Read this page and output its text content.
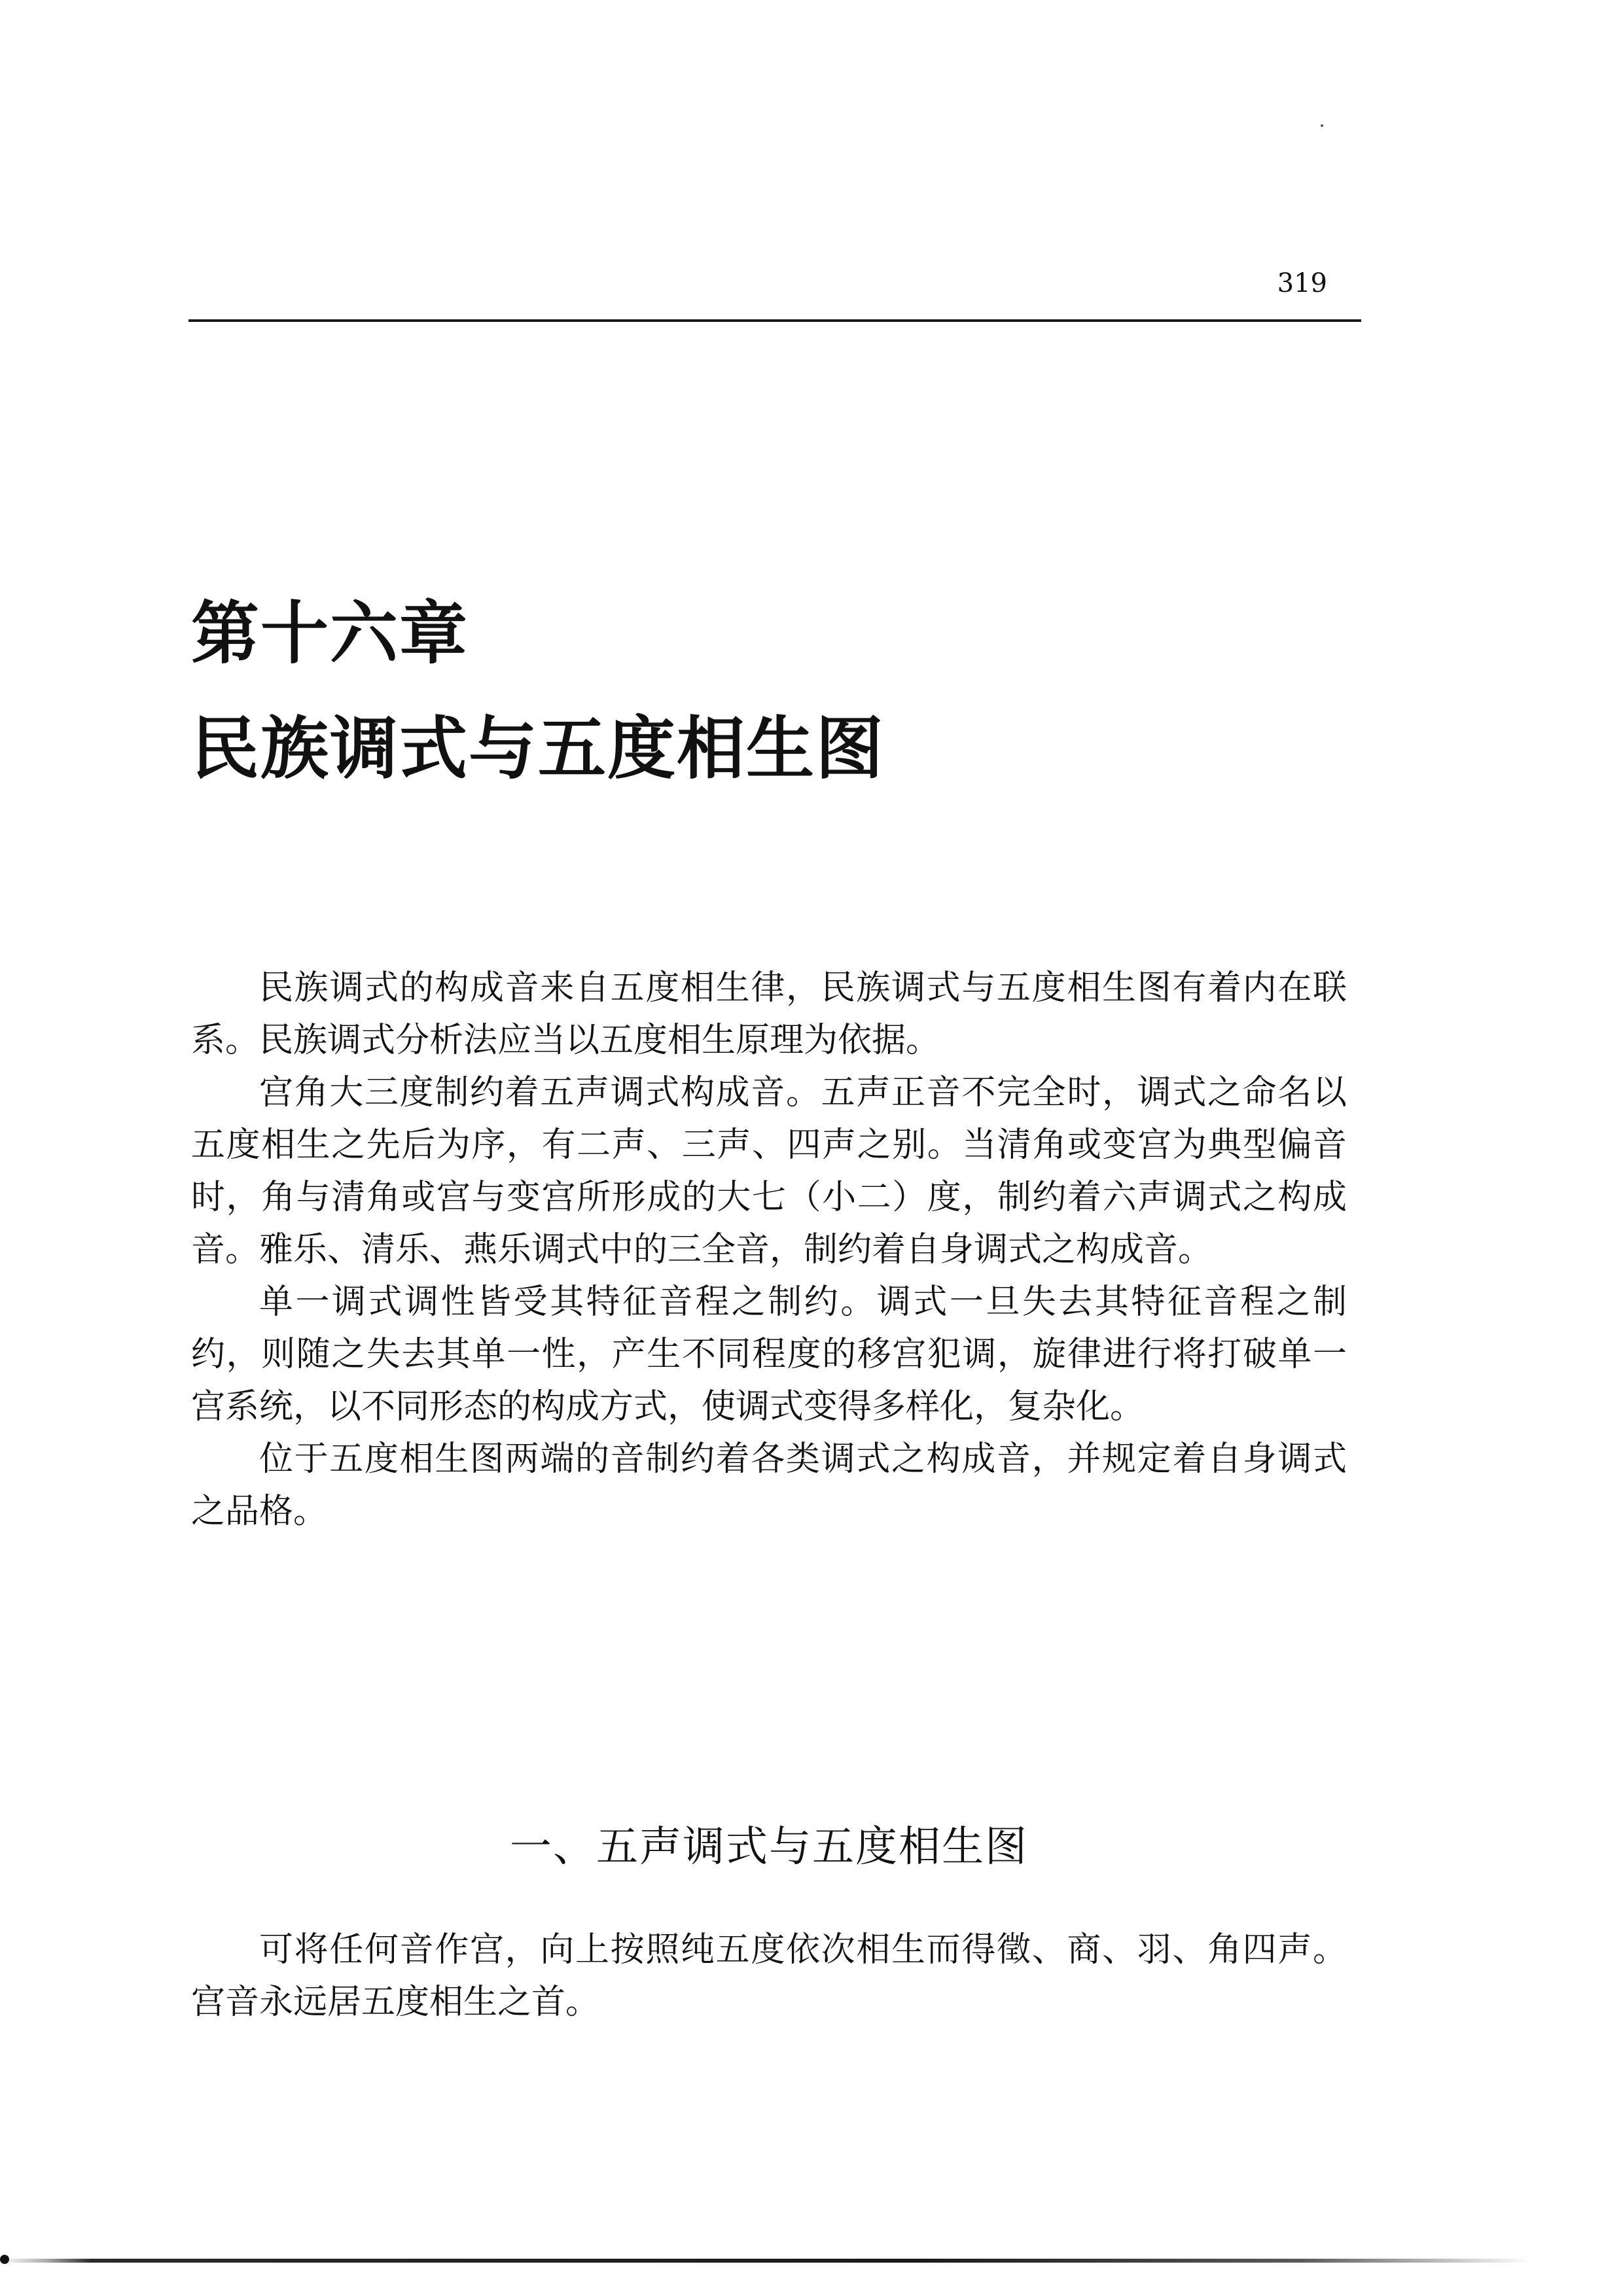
319
第十六章
民族调式与五度相生图

民族调式的构成音来自五度相生律，民族调式与五度相生图有着内在联系。民族调式分析法应当以五度相生原理为依据。

宫角大三度制约着五声调式构成音。五声正音不完全时，调式之命名以五度相生之先后为序，有二声、三声、四声之别。当清角或变宫为典型偏音时，角与清角或宫与变宫所形成的大七（小二）度，制约着六声调式之构成音。雅乐、清乐、燕乐调式中的三全音，制约着自身调式之构成音。

单一调式调性皆受其特征音程之制约。调式一旦失去其特征音程之制约，则随之失去其单一性，产生不同程度的移宫犯调，旋律进行将打破单一宫系统，以不同形态的构成方式，使调式变得多样化，复杂化。

位于五度相生图两端的音制约着各类调式之构成音，并规定着自身调式之品格。

一、五声调式与五度相生图

可将任何音作宫，向上按照纯五度依次相生而得徵、商、羽、角四声。宫音永远居五度相生之首。
